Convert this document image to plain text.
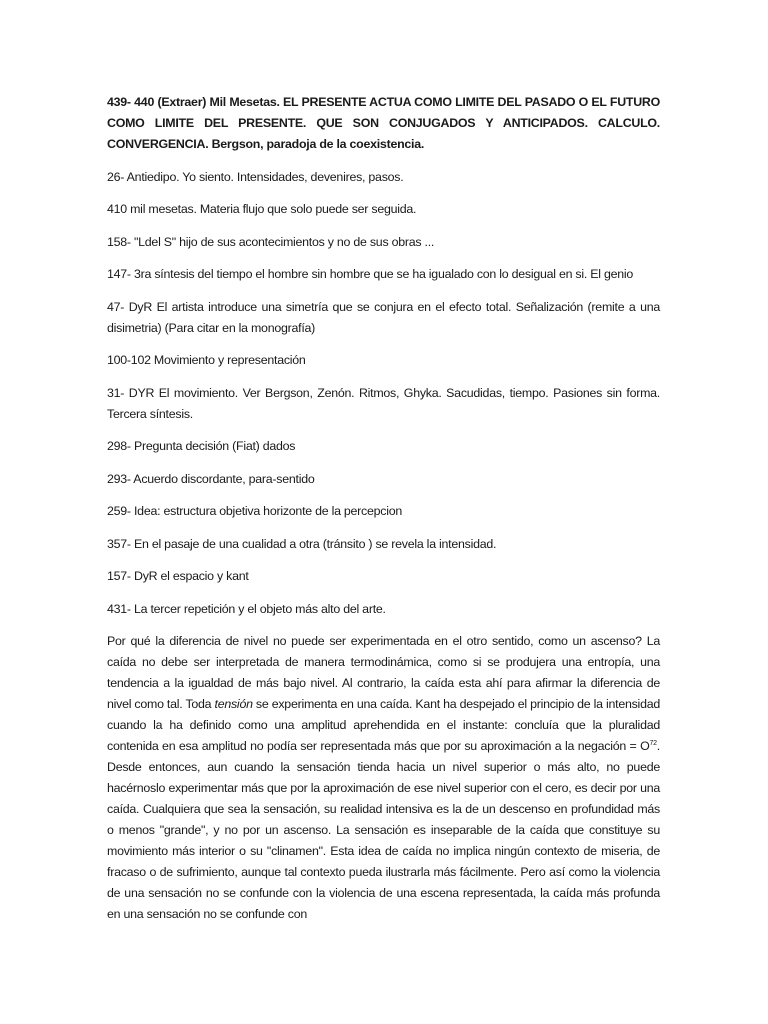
439- 440 (Extraer) Mil Mesetas. EL PRESENTE ACTUA COMO LIMITE DEL PASADO O EL FUTURO COMO LIMITE DEL PRESENTE. QUE SON CONJUGADOS Y ANTICIPADOS. CALCULO. CONVERGENCIA. Bergson, paradoja de la coexistencia.

26- Antiedipo. Yo siento. Intensidades, devenires, pasos.

410 mil mesetas. Materia flujo que solo puede ser seguida.

158- "Ldel S" hijo de sus acontecimientos y no de sus obras ...

147- 3ra síntesis del tiempo el hombre sin hombre que se ha igualado con lo desigual en si. El genio

47- DyR El artista introduce una simetría que se conjura en el efecto total. Señalización (remite a una disimetria) (Para citar en la monografía)

100-102 Movimiento y representación

31- DYR El movimiento. Ver Bergson, Zenón. Ritmos, Ghyka. Sacudidas, tiempo. Pasiones sin forma. Tercera síntesis.

298- Pregunta decisión (Fiat) dados

293- Acuerdo discordante, para-sentido

259- Idea: estructura objetiva horizonte de la percepcion

357- En el pasaje de una cualidad a otra (tránsito ) se revela la intensidad.

157- DyR el espacio y kant

431- La tercer repetición y el objeto más alto del arte.

Por qué la diferencia de nivel no puede ser experimentada en el otro sentido, como un ascenso? La caída no debe ser interpretada de manera termodinámica, como si se produjera una entropía, una tendencia a la igualdad de más bajo nivel. Al contrario, la caída esta ahí para afirmar la diferencia de nivel como tal. Toda tensión se experimenta en una caída. Kant ha despejado el principio de la intensidad cuando la ha definido como una amplitud aprehendida en el instante: concluía que la pluralidad contenida en esa amplitud no podía ser representada más que por su aproximación a la negación = $O^{72}$. Desde entonces, aun cuando la sensación tienda hacia un nivel superior o más alto, no puede hacérnoslo experimentar más que por la aproximación de ese nivel superior con el cero, es decir por una caída. Cualquiera que sea la sensación, su realidad intensiva es la de un descenso en profundidad más o menos "grande", y no por un ascenso. La sensación es inseparable de la caída que constituye su movimiento más interior o su "clinamen". Esta idea de caída no implica ningún contexto de miseria, de fracaso o de sufrimiento, aunque tal contexto pueda ilustrarla más fácilmente. Pero así como la violencia de una sensación no se confunde con la violencia de una escena representada, la caída más profunda en una sensación no se confunde con
